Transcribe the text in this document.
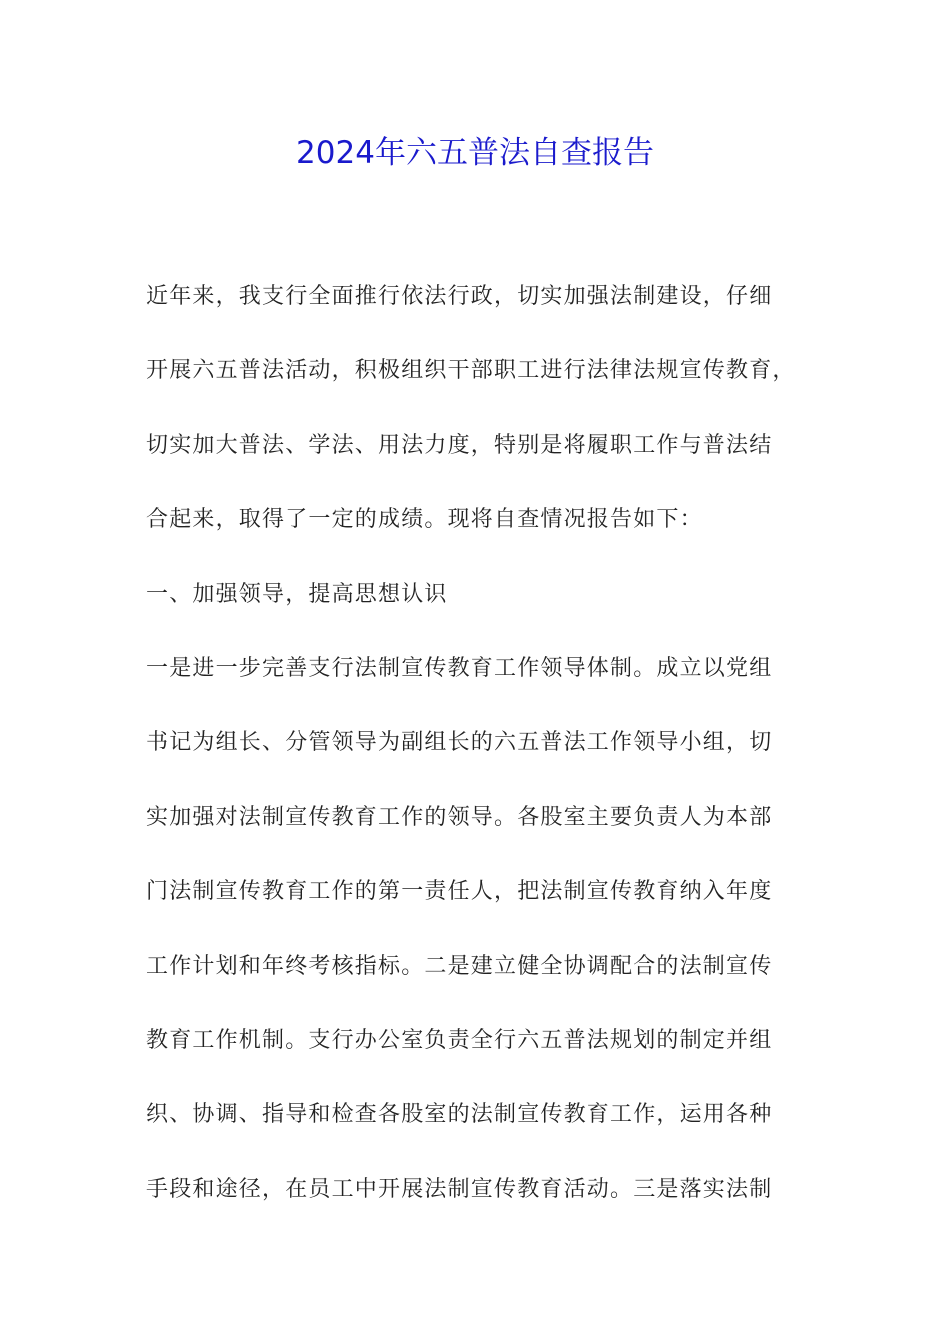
2024年六五普法自查报告
近年来，我支行全面推行依法行政，切实加强法制建设，仔细
开展六五普法活动，积极组织干部职工进行法律法规宣传教育，
切实加大普法、学法、用法力度，特别是将履职工作与普法结
合起来，取得了一定的成绩。现将自查情况报告如下：
一、加强领导，提高思想认识
一是进一步完善支行法制宣传教育工作领导体制。成立以党组
书记为组长、分管领导为副组长的六五普法工作领导小组，切
实加强对法制宣传教育工作的领导。各股室主要负责人为本部
门法制宣传教育工作的第一责任人，把法制宣传教育纳入年度
工作计划和年终考核指标。二是建立健全协调配合的法制宣传
教育工作机制。支行办公室负责全行六五普法规划的制定并组
织、协调、指导和检查各股室的法制宣传教育工作，运用各种
手段和途径，在员工中开展法制宣传教育活动。三是落实法制
